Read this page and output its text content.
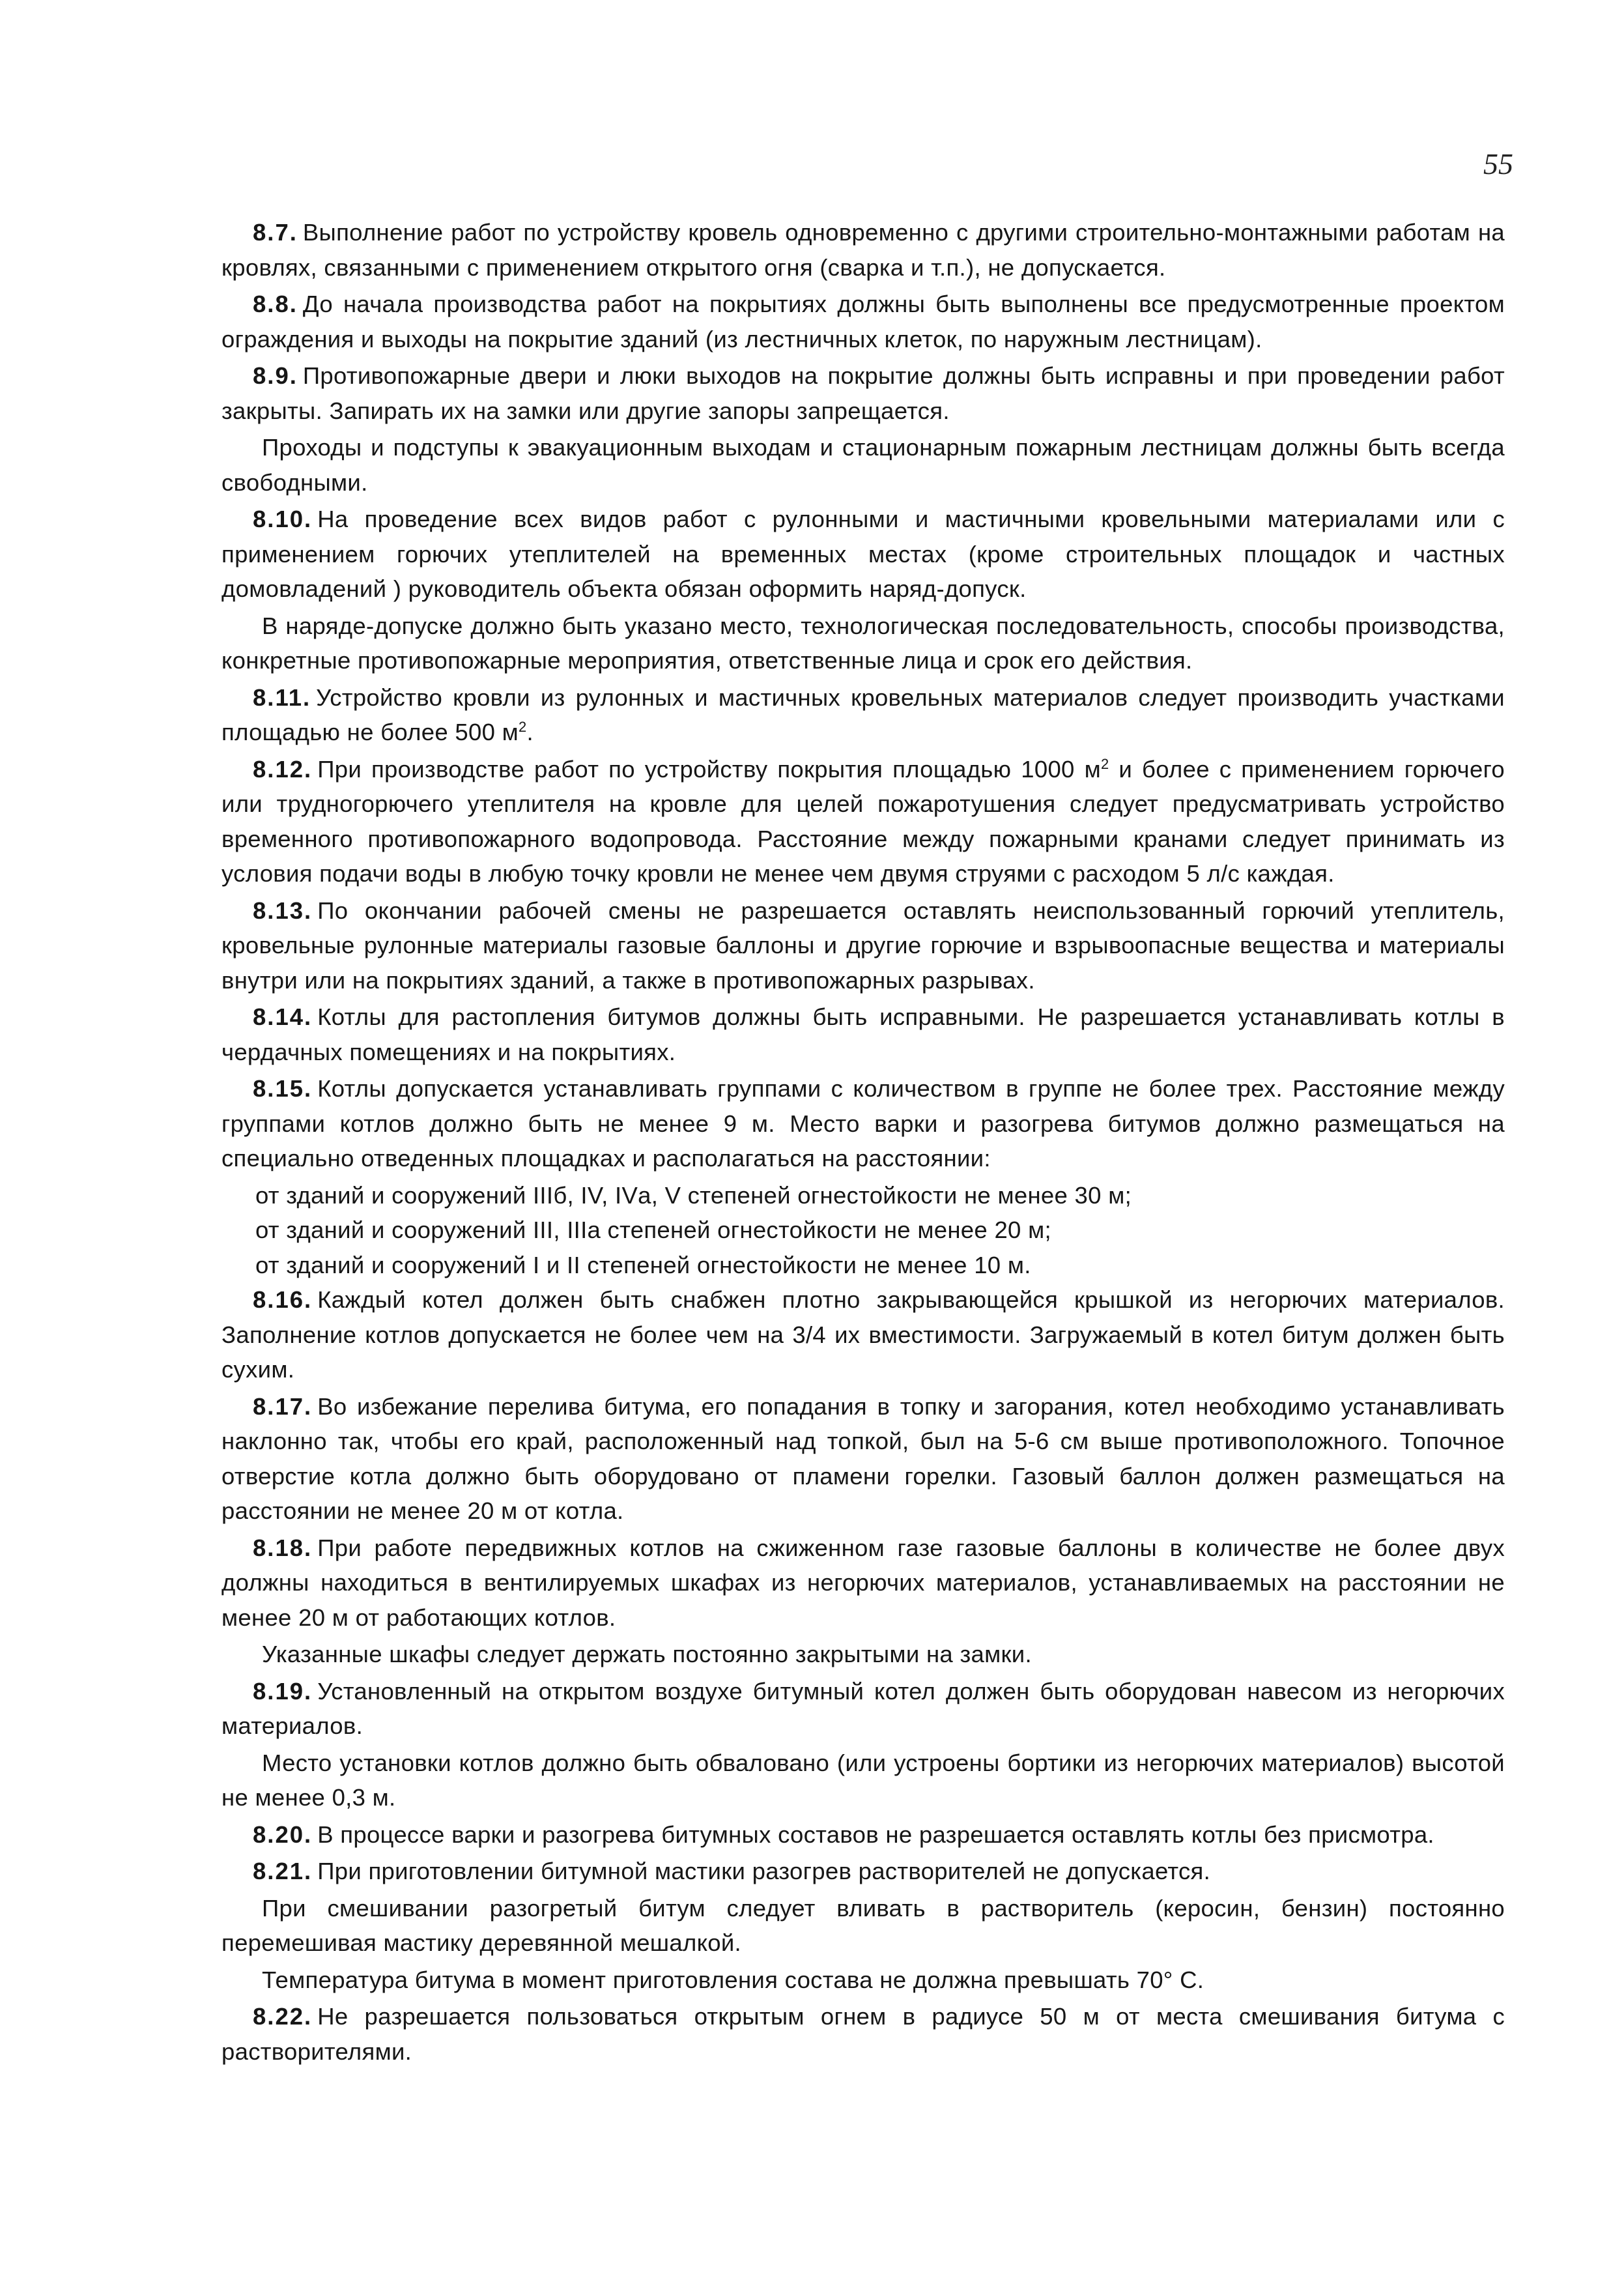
55

8.7. Выполнение работ по устройству кровель одновременно с другими строительно-монтажными работам на кровлях, связанными с применением открытого огня (сварка и т.п.), не допускается.

8.8. До начала производства работ на покрытиях должны быть выполнены все предусмотренные проектом ограждения и выходы на покрытие зданий (из лестничных клеток, по наружным лестницам).

8.9. Противопожарные двери и люки выходов на покрытие должны быть исправны и при проведении работ закрыты. Запирать их на замки или другие запоры запрещается.

Проходы и подступы к эвакуационным выходам и стационарным пожарным лестницам должны быть всегда свободными.

8.10. На проведение всех видов работ с рулонными и мастичными кровельными материалами или с применением горючих утеплителей на временных местах (кроме строительных площадок и частных домовладений ) руководитель объекта обязан оформить наряд-допуск.

В наряде-допуске должно быть указано место, технологическая последовательность, способы производства, конкретные противопожарные мероприятия, ответственные лица и срок его действия.

8.11. Устройство кровли из рулонных и мастичных кровельных материалов следует производить участками площадью не более 500 $м^2$.

8.12. При производстве работ по устройству покрытия площадью 1000 $м^2$ и более с применением горючего или трудногорючего утеплителя на кровле для целей пожаротушения следует предусматривать устройство временного противопожарного водопровода. Расстояние между пожарными кранами следует принимать из условия подачи воды в любую точку кровли не менее чем двумя струями с расходом 5 л/с каждая.

8.13. По окончании рабочей смены не разрешается оставлять неиспользованный горючий утеплитель, кровельные рулонные материалы газовые баллоны и другие горючие и взрывоопасные вещества и материалы внутри или на покрытиях зданий, а также в противопожарных разрывах.

8.14. Котлы для растопления битумов должны быть исправными. Не разрешается устанавливать котлы в чердачных помещениях и на покрытиях.

8.15. Котлы допускается устанавливать группами с количеством в группе не более трех. Расстояние между группами котлов должно быть не менее 9 м. Место варки и разогрева битумов должно размещаться на специально отведенных площадках и располагаться на расстоянии:

от зданий и сооружений IIIб, IV, IVа, V степеней огнестойкости не менее 30 м;

от зданий и сооружений III, IIIа степеней огнестойкости не менее 20 м;

от зданий и сооружений I и II степеней огнестойкости не менее 10 м.

8.16. Каждый котел должен быть снабжен плотно закрывающейся крышкой из негорючих материалов. Заполнение котлов допускается не более чем на 3/4 их вместимости. Загружаемый в котел битум должен быть сухим.

8.17. Во избежание перелива битума, его попадания в топку и загорания, котел необходимо устанавливать наклонно так, чтобы его край, расположенный над топкой, был на 5-6 см выше противоположного. Топочное отверстие котла должно быть оборудовано от пламени горелки. Газовый баллон должен размещаться на расстоянии не менее 20 м от котла.

8.18. При работе передвижных котлов на сжиженном газе газовые баллоны в количестве не более двух должны находиться в вентилируемых шкафах из негорючих материалов, устанавливаемых на расстоянии не менее 20 м от работающих котлов.

Указанные шкафы следует держать постоянно закрытыми на замки.

8.19. Установленный на открытом воздухе битумный котел должен быть оборудован навесом из негорючих материалов.

Место установки котлов должно быть обваловано (или устроены бортики из негорючих материалов) высотой не менее 0,3 м.

8.20. В процессе варки и разогрева битумных составов не разрешается оставлять котлы без присмотра.

8.21. При приготовлении битумной мастики разогрев растворителей не допускается.

При смешивании разогретый битум следует вливать в растворитель (керосин, бензин) постоянно перемешивая мастику деревянной мешалкой.

Температура битума в момент приготовления состава не должна превышать 70° С.

8.22. Не разрешается пользоваться открытым огнем в радиусе 50 м от места смешивания битума с растворителями.
